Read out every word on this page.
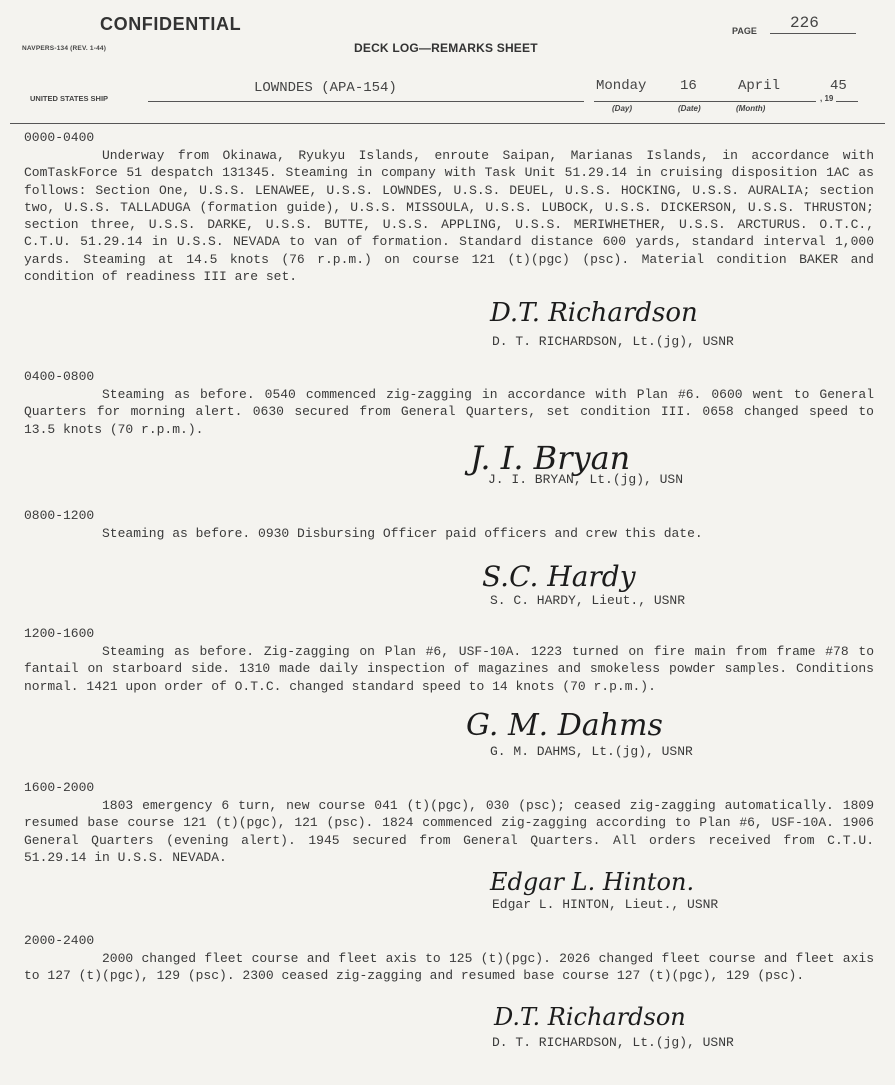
CONFIDENTIAL	PAGE 226
NAVPERS-134 (REV. 1-44)	DECK LOG—REMARKS SHEET
UNITED STATES SHIP
LOWNDES (APA-154)	Monday 16	April
, 19
45
(Day)	(Date)	(Month)
0000-0400
Underway from Okinawa, Ryukyu Islands, enroute Saipan, Marianas Islands, in accordance with ComTaskForce 51 despatch 131345. Steaming in company with Task Unit 51.29.14 in cruising disposition 1AC as follows: Section One, U.S.S. LENAWEE, U.S.S. LOWNDES, U.S.S. DEUEL, U.S.S. HOCKING, U.S.S. AURALIA; section two, U.S.S. TALLADUGA (formation guide), U.S.S. MISSOULA, U.S.S. LUBOCK, U.S.S. DICKERSON, U.S.S. THRUSTON; section three, U.S.S. DARKE, U.S.S. BUTTE, U.S.S. APPLING, U.S.S. MERIWHETHER, U.S.S. ARCTURUS. O.T.C., C.T.U. 51.29.14 in U.S.S. NEVADA to van of formation. Standard distance 600 yards, standard interval 1,000 yards. Steaming at 14.5 knots (76 r.p.m.) on course 121 (t)(pgc) (psc). Material condition BAKER and condition of readiness III are set.
D.T. Richardson
D. T. RICHARDSON, Lt.(jg), USNR
0400-0800
Steaming as before. 0540 commenced zig-zagging in accordance with Plan #6. 0600 went to General Quarters for morning alert. 0630 secured from General Quarters, set condition III. 0658 changed speed to 13.5 knots (70 r.p.m.).
J. I. Bryan
J. I. BRYAN, Lt.(jg), USN
0800-1200
Steaming as before. 0930 Disbursing Officer paid officers and crew this date.
S.C. Hardy
S. C. HARDY, Lieut., USNR
1200-1600
Steaming as before. Zig-zagging on Plan #6, USF-10A. 1223 turned on fire main from frame #78 to fantail on starboard side. 1310 made daily inspection of magazines and smokeless powder samples. Conditions normal. 1421 upon order of O.T.C. changed standard speed to 14 knots (70 r.p.m.).
G. M. Dahms
G. M. DAHMS, Lt.(jg), USNR
1600-2000
1803 emergency 6 turn, new course 041 (t)(pgc), 030 (psc); ceased zig-zagging automatically. 1809 resumed base course 121 (t)(pgc), 121 (psc). 1824 commenced zig-zagging according to Plan #6, USF-10A. 1906 General Quarters (evening alert). 1945 secured from General Quarters. All orders received from C.T.U. 51.29.14 in U.S.S. NEVADA.
Edgar L. Hinton.
Edgar L. HINTON, Lieut., USNR
2000-2400
2000 changed fleet course and fleet axis to 125 (t)(pgc). 2026 changed fleet course and fleet axis to 127 (t)(pgc), 129 (psc). 2300 ceased zig-zagging and resumed base course 127 (t)(pgc), 129 (psc).
D.T. Richardson
D. T. RICHARDSON, Lt.(jg), USNR
